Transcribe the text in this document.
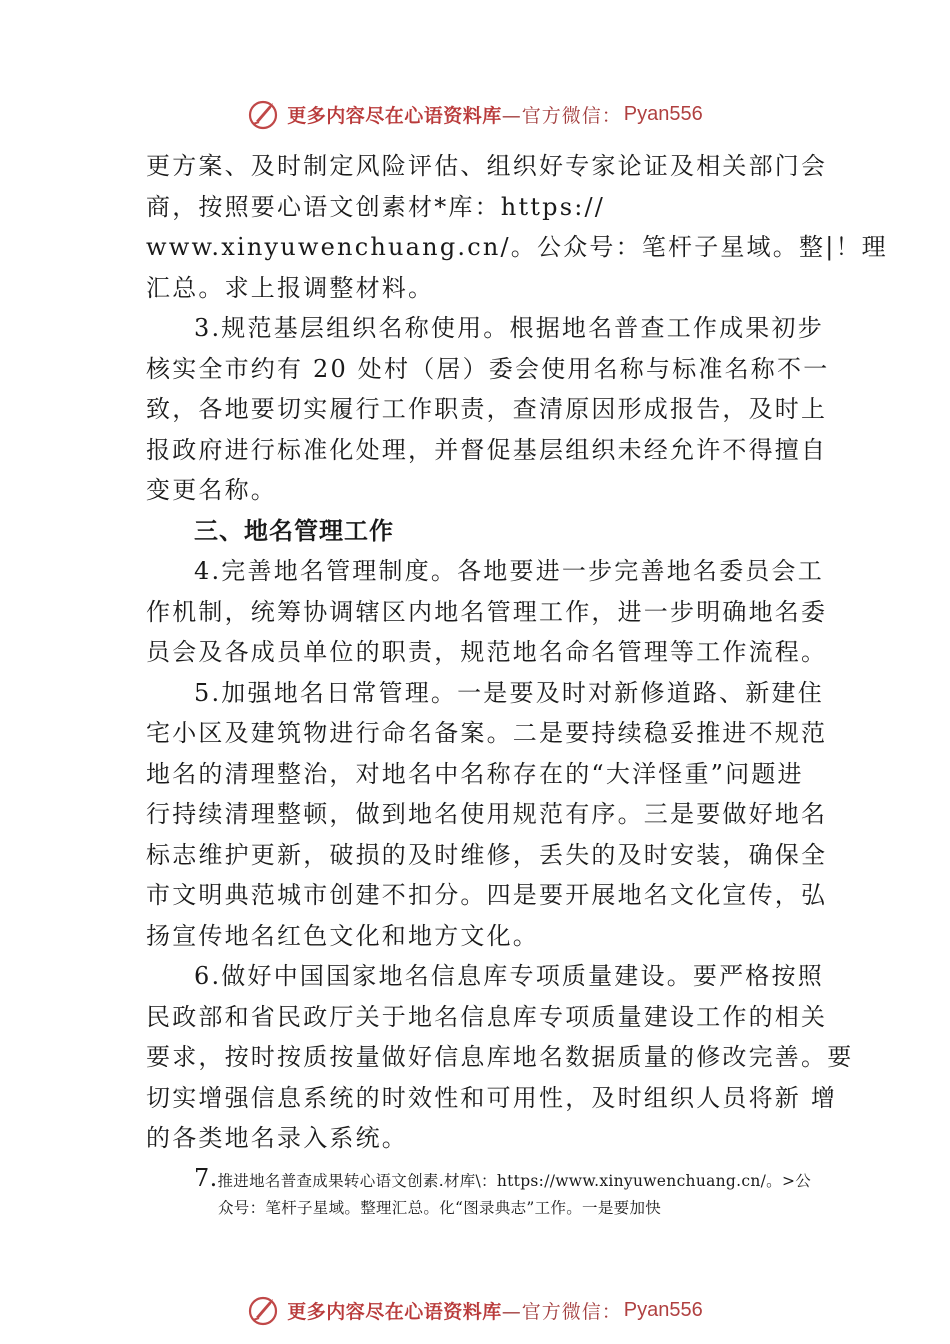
更多内容尽在心语资料库 —官方微信： Pyan556
更方案、及时制定风险评估、组织好专家论证及相关部门会
商，按照要心语文创素材*库：https://
www.xinyuwenchuang.cn/。公众号：笔杆子星域。整|！理
汇总。求上报调整材料。
3.规范基层组织名称使用。根据地名普查工作成果初步
核实全市约有 20 处村（居）委会使用名称与标准名称不一
致，各地要切实履行工作职责，查清原因形成报告，及时上
报政府进行标准化处理，并督促基层组织未经允许不得擅自
变更名称。
三、地名管理工作
4.完善地名管理制度。各地要进一步完善地名委员会工
作机制，统筹协调辖区内地名管理工作，进一步明确地名委
员会及各成员单位的职责，规范地名命名管理等工作流程。
5.加强地名日常管理。一是要及时对新修道路、新建住
宅小区及建筑物进行命名备案。二是要持续稳妥推进不规范
地名的清理整治，对地名中名称存在的“大洋怪重”问题进
行持续清理整顿，做到地名使用规范有序。三是要做好地名
标志维护更新，破损的及时维修，丢失的及时安装，确保全
市文明典范城市创建不扣分。四是要开展地名文化宣传，弘
扬宣传地名红色文化和地方文化。
6.做好中国国家地名信息库专项质量建设。要严格按照
民政部和省民政厅关于地名信息库专项质量建设工作的相关
要求，按时按质按量做好信息库地名数据质量的修改完善。要
切实增强信息系统的时效性和可用性，及时组织人员将新 增
的各类地名录入系统。
7.推进地名普查成果转心语文创素.材库\：https://www.xinyuwenchuang.cn/。>公
众号：笔杆子星域。整理汇总。化“图录典志”工作。一是要加快
更多内容尽在心语资料库 —官方微信： Pyan556
